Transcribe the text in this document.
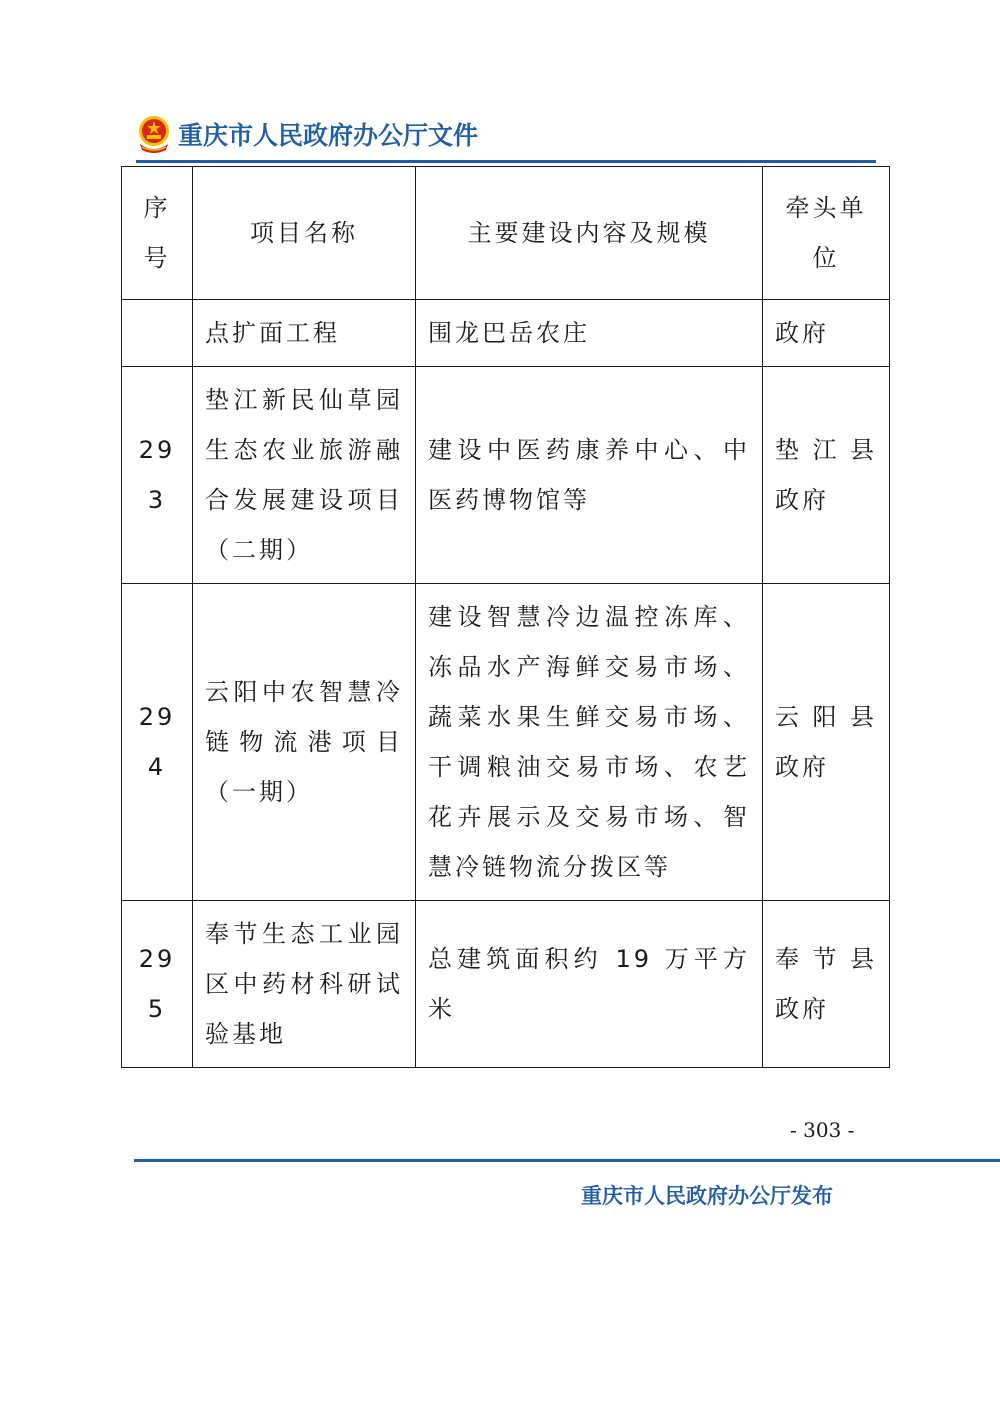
重庆市人民政府办公厅文件
序号	项目名称	主要建设内容及规模	牵头单位
	点扩面工程	围龙巴岳农庄	政府
293	垫江新民仙草园生态农业旅游融合发展建设项目（二期）	建设中医药康养中心、中医药博物馆等	垫江县政府
294	云阳中农智慧冷链物流港项目（一期）	建设智慧冷边温控冻库、冻品水产海鲜交易市场、蔬菜水果生鲜交易市场、干调粮油交易市场、农艺花卉展示及交易市场、智慧冷链物流分拨区等	云阳县政府
295	奉节生态工业园区中药材科研试验基地	总建筑面积约 19 万平方米	奉节县政府
- 303 -
重庆市人民政府办公厅发布
